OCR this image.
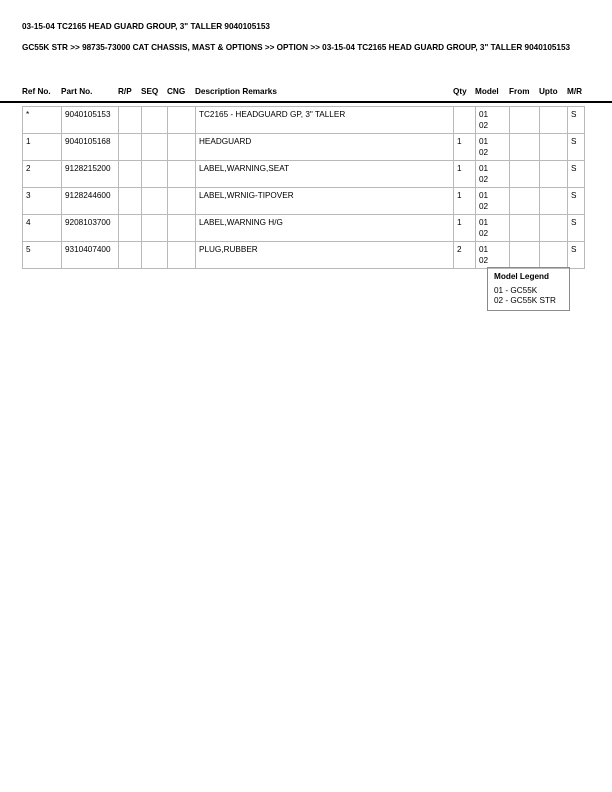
03-15-04 TC2165 HEAD GUARD GROUP, 3" TALLER 9040105153
GC55K STR >> 98735-73000 CAT CHASSIS, MAST & OPTIONS >> OPTION >> 03-15-04 TC2165 HEAD GUARD GROUP, 3" TALLER 9040105153
Ref No. Part No.	R/P SEQ CNG Description Remarks	Qty Model From Upto M/R
*	9040105153				TC2165 - HEADGUARD GP, 3" TALLER		01
02			S
1	9040105168				HEADGUARD	1	01
02			S
2	9128215200				LABEL,WARNING,SEAT	1	01
02			S
3	9128244600				LABEL,WRNIG-TIPOVER	1	01
02			S
4	9208103700				LABEL,WARNING H/G	1	01
02			S
5	9310407400				PLUG,RUBBER	2	01
02			S
Model Legend
01 - GC55K
02 - GC55K STR
